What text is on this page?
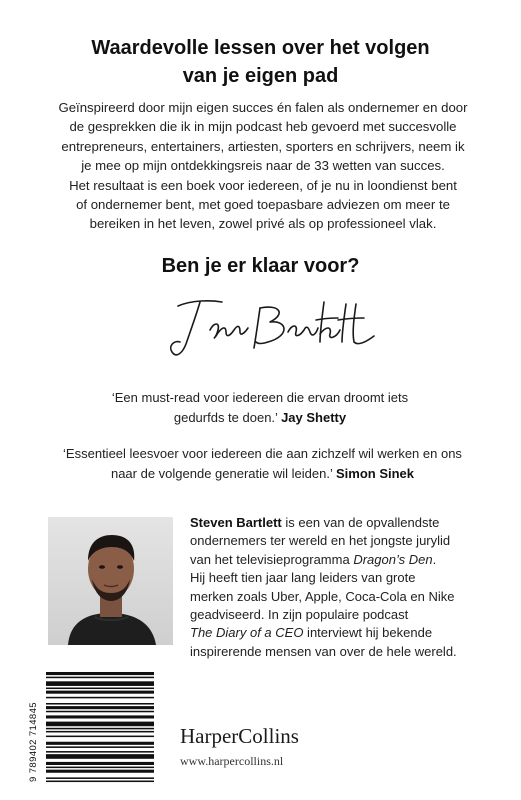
Waardevolle lessen over het volgen
van je eigen pad
Geïnspireerd door mijn eigen succes én falen als ondernemer en door
de gesprekken die ik in mijn podcast heb gevoerd met succesvolle
entrepreneurs, entertainers, artiesten, sporters en schrijvers, neem ik
je mee op mijn ontdekkingsreis naar de 33 wetten van succes.
Het resultaat is een boek voor iedereen, of je nu in loondienst bent
of ondernemer bent, met goed toepasbare adviezen om meer te
bereiken in het leven, zowel privé als op professioneel vlak.
Ben je er klaar voor?
‘Een must-read voor iedereen die ervan droomt iets
gedurfds te doen.’ Jay Shetty
‘Essentieel leesvoer voor iedereen die aan zichzelf wil werken en ons
naar de volgende generatie wil leiden.’ Simon Sinek
Steven Bartlett is een van de opvallendste
ondernemers ter wereld en het jongste jurylid
van het televisieprogramma Dragon’s Den.
Hij heeft tien jaar lang leiders van grote
merken zoals Uber, Apple, Coca-Cola en Nike
geadviseerd. In zijn populaire podcast
The Diary of a CEO interviewt hij bekende
inspirerende mensen van over de hele wereld.
9 789402 714845	HarperCollins
www.harpercollins.nl
